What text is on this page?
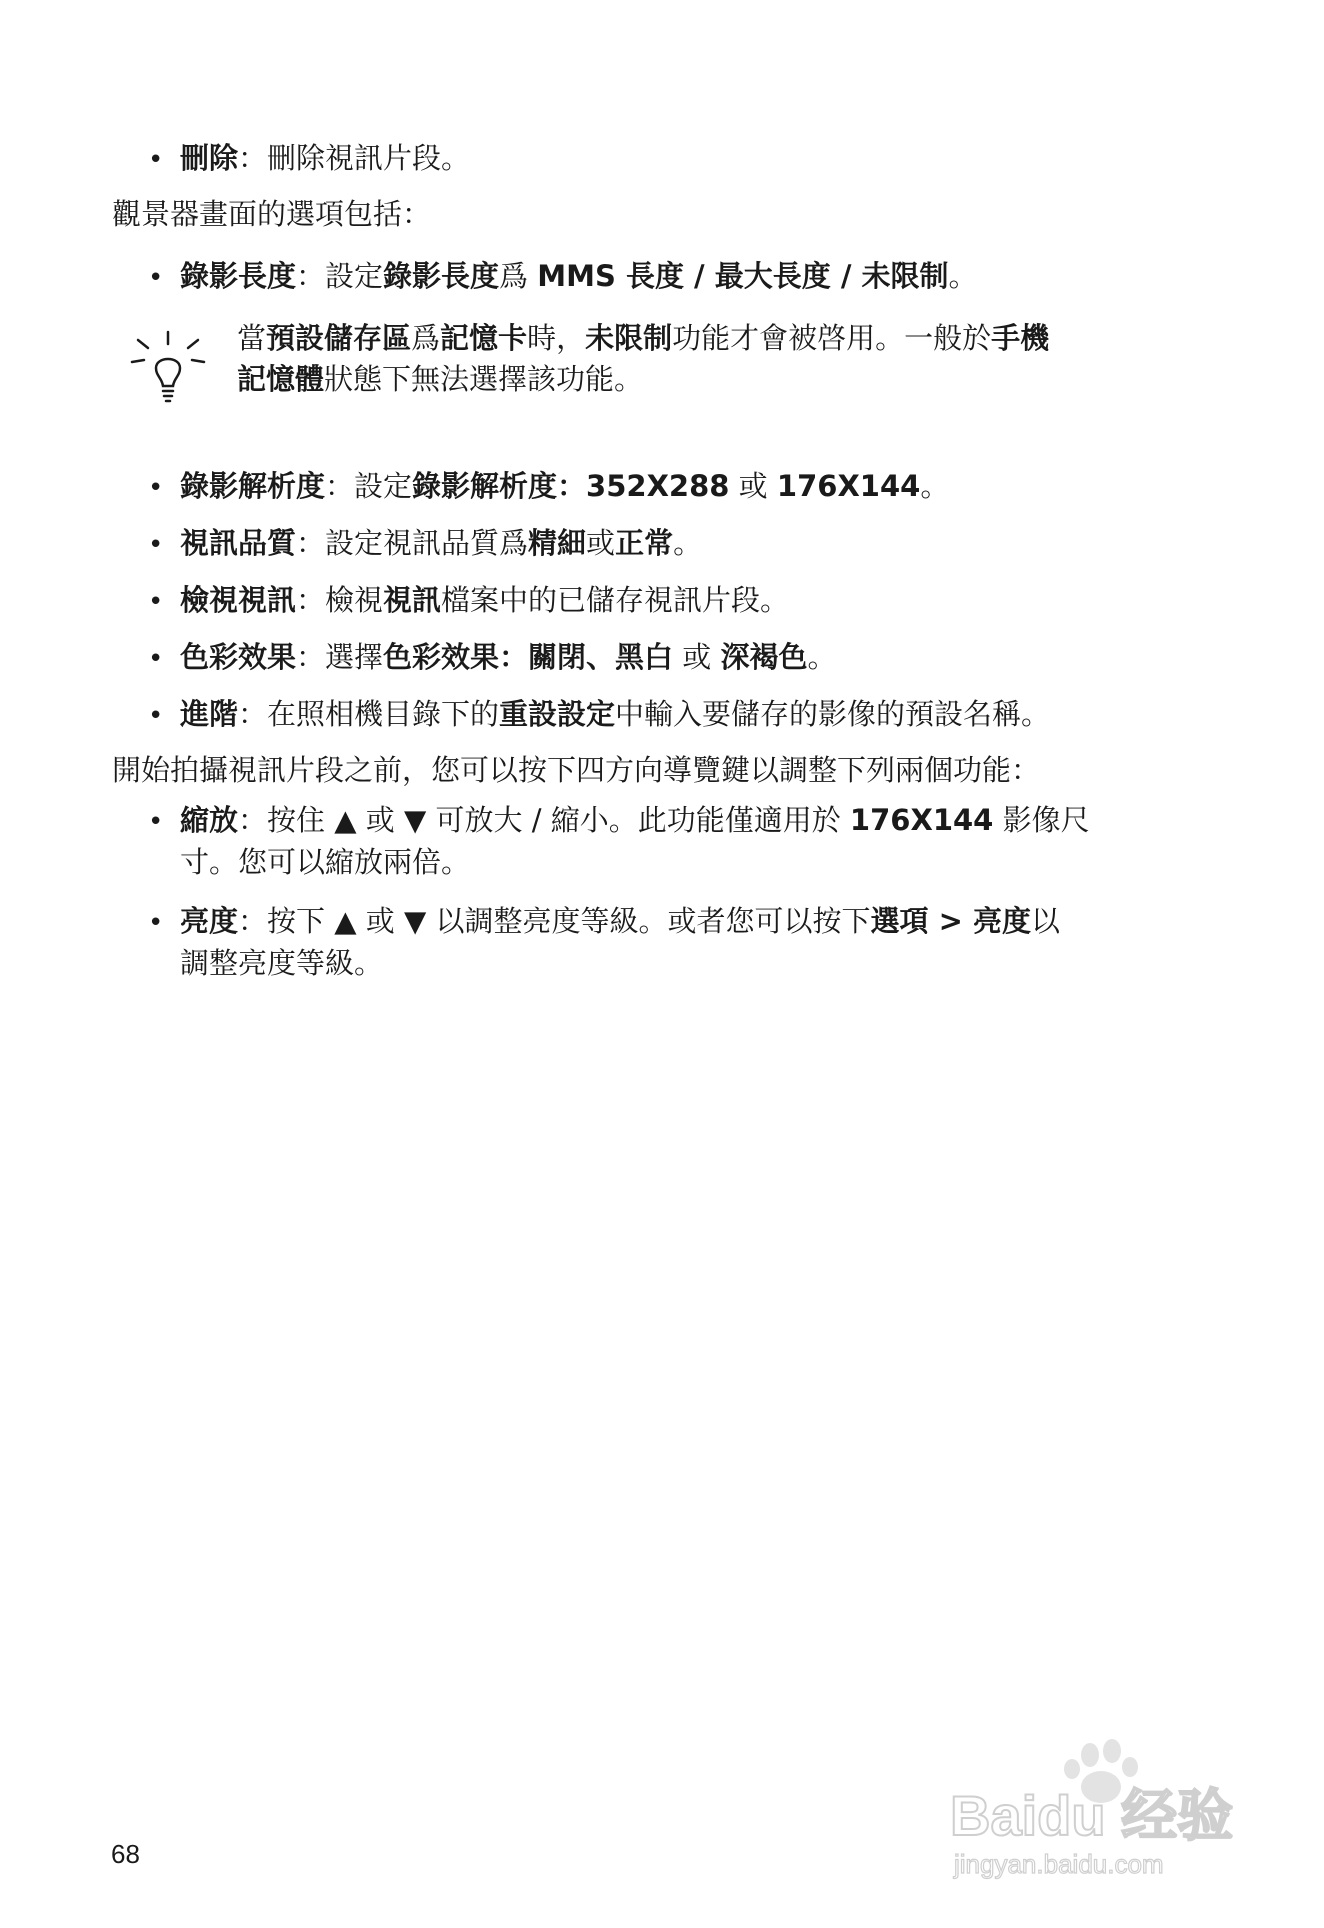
• 刪除：刪除視訊片段。
觀景器畫面的選項包括：
• 錄影長度：設定錄影長度爲 MMS 長度 / 最大長度 / 未限制。
當預設儲存區爲記憶卡時，未限制功能才會被啓用。一般於手機
記憶體狀態下無法選擇該功能。
• 錄影解析度：設定錄影解析度：352X288 或 176X144。
• 視訊品質：設定視訊品質爲精細或正常。
• 檢視視訊：檢視視訊檔案中的已儲存視訊片段。
• 色彩效果：選擇色彩效果：關閉、黑白 或 深褐色。
• 進階：在照相機目錄下的重設設定中輸入要儲存的影像的預設名稱。
開始拍攝視訊片段之前，您可以按下四方向導覽鍵以調整下列兩個功能：
• 縮放：按住 ▲ 或 ▼ 可放大 / 縮小。此功能僅適用於 176X144 影像尺
寸。您可以縮放兩倍。
• 亮度：按下 ▲ 或 ▼ 以調整亮度等級。或者您可以按下選項 > 亮度以
調整亮度等級。
Baidu 经验
jingyan.baidu.com
68
